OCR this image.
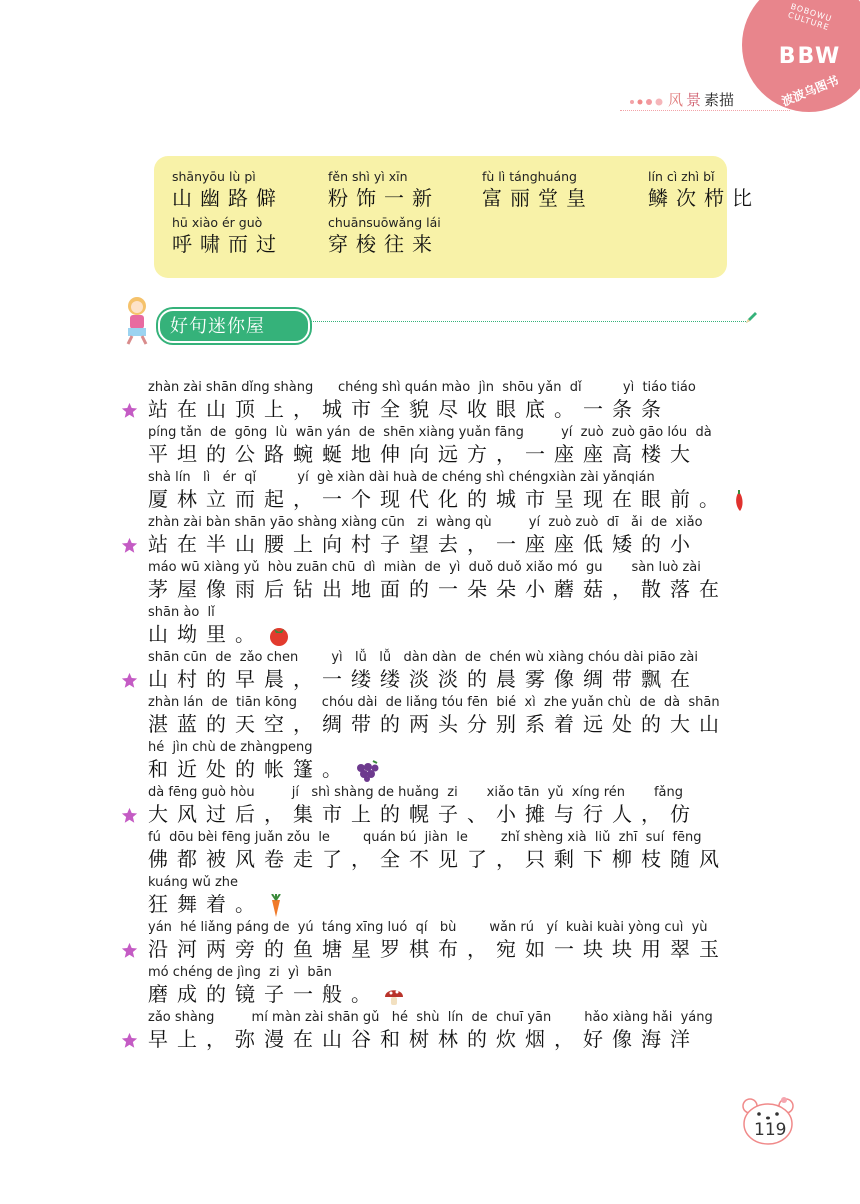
BOBOWU CULTURE
BBW
波波乌图书
风 景 素描
shānyōu lù pì
山幽路僻
fěn shì yì xīn
粉饰一新
fù lì tánghuáng
富丽堂皇
lín cì zhì bǐ
鳞次栉比
hū xiào ér guò
呼啸而过
chuānsuōwǎng lái
穿梭往来
好句迷你屋
zhàn zài shān dǐng shàng      chéng shì quán mào  jìn  shōu yǎn  dǐ          yì  tiáo tiáo
站在山顶上，城市全貌尽收眼底。一条条
píng tǎn  de  gōng  lù  wān yán  de  shēn xiàng yuǎn fāng         yí  zuò  zuò gāo lóu  dà
平坦的公路蜿蜒地伸向远方，一座座高楼大
shà lín   lì   ér  qǐ          yí  gè xiàn dài huà de chéng shì chéngxiàn zài yǎnqián
厦林立而起，一个现代化的城市呈现在眼前。
zhàn zài bàn shān yāo shàng xiàng cūn   zi  wàng qù         yí  zuò zuò  dī   ǎi  de  xiǎo
站在半山腰上向村子望去，一座座低矮的小
máo wū xiàng yǔ  hòu zuān chū  dì  miàn  de  yì  duǒ duǒ xiǎo mó  gu       sàn luò zài
茅屋像雨后钻出地面的一朵朵小蘑菇，散落在
shān ào  lǐ
山坳里。
shān cūn  de  zǎo chen        yì   lǚ   lǚ   dàn dàn  de  chén wù xiàng chóu dài piāo zài
山村的早晨，一缕缕淡淡的晨雾像绸带飘在
zhàn lán  de  tiān kōng      chóu dài  de liǎng tóu fēn  bié  xì  zhe yuǎn chù  de  dà  shān
湛蓝的天空，绸带的两头分别系着远处的大山
hé  jìn chù de zhàngpeng
和近处的帐篷。
dà fēng guò hòu         jí   shì shàng de huǎng  zi       xiǎo tān  yǔ  xíng rén       fǎng
大风过后，集市上的幌子、小摊与行人，仿
fú  dōu bèi fēng juǎn zǒu  le        quán bú  jiàn  le        zhǐ shèng xià  liǔ  zhī  suí  fēng
佛都被风卷走了，全不见了，只剩下柳枝随风
kuáng wǔ zhe
狂舞着。
yán  hé liǎng páng de  yú  táng xīng luó  qí   bù        wǎn rú   yí  kuài kuài yòng cuì  yù
沿河两旁的鱼塘星罗棋布，宛如一块块用翠玉
mó chéng de jìng  zi  yì  bān
磨成的镜子一般。
zǎo shàng         mí màn zài shān gǔ   hé  shù  lín  de  chuī yān        hǎo xiàng hǎi  yáng
早上，弥漫在山谷和树林的炊烟，好像海洋
119
